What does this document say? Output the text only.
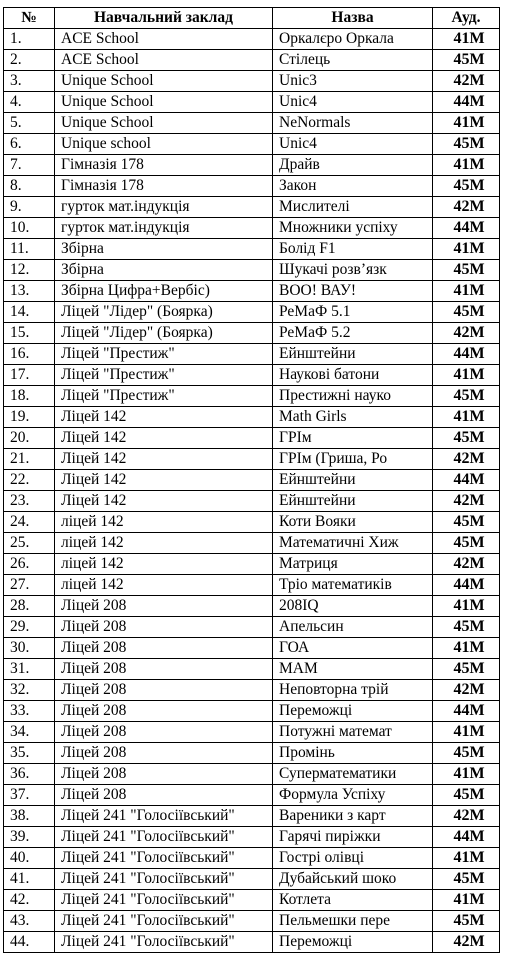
№	Навчальний заклад	Назва	Ауд.
1.	ACE School	Оркалєро Оркала	41M
2.	ACE School	Стілець	45M
3.	Unique School	Unic3	42M
4.	Unique School	Unic4	44M
5.	Unique School	NeNormals	41M
6.	Unique school	Unic4	45M
7.	Гімназія 178	Драйв	41M
8.	Гімназія 178	Закон	45M
9.	гурток мат.індукція	Мислителі	42M
10.	гурток мат.індукція	Множники успіху	44M
11.	Збірна	Болід F1	41M
12.	Збірна	Шукачі розв’язк	45M
13.	Збірна Цифра+Вербіс)	ВОО! ВАУ!	41M
14.	Ліцей "Лідер" (Боярка)	РеМаФ 5.1	45M
15.	Ліцей "Лідер" (Боярка)	РеМаФ 5.2	42M
16.	Ліцей "Престиж"	Ейнштейни	44M
17.	Ліцей "Престиж"	Наукові батони	41M
18.	Ліцей "Престиж"	Престижні науко	45M
19.	Ліцей 142	Math Girls	41M
20.	Ліцей 142	ГРІм	45M
21.	Ліцей 142	ГРІм (Гриша, Ро	42M
22.	Ліцей 142	Ейнштейни	44M
23.	Ліцей 142	Ейнштейни	42M
24.	ліцей 142	Коти Вояки	45M
25.	ліцей 142	Математичні Хиж	45M
26.	ліцей 142	Матриця	42M
27.	ліцей 142	Тріо математиків	44M
28.	Ліцей 208	208IQ	41M
29.	Ліцей 208	Апельсин	45M
30.	Ліцей 208	ГОА	41M
31.	Ліцей 208	МАМ	45M
32.	Ліцей 208	Неповторна трій	42M
33.	Ліцей 208	Переможці	44M
34.	Ліцей 208	Потужні математ	41M
35.	Ліцей 208	Промінь	45M
36.	Ліцей 208	Суперматематики	41M
37.	Ліцей 208	Формула Успіху	45M
38.	Ліцей 241 "Голосіївський"	Вареники з карт	42M
39.	Ліцей 241 "Голосіївський"	Гарячі пиріжки	44M
40.	Ліцей 241 "Голосіївський"	Гострі олівці	41M
41.	Ліцей 241 "Голосіївський"	Дубайський шоко	45M
42.	Ліцей 241 "Голосіївський"	Котлета	41M
43.	Ліцей 241 "Голосіївський"	Пельмешки пере	45M
44.	Ліцей 241 "Голосіївський"	Переможці	42M
